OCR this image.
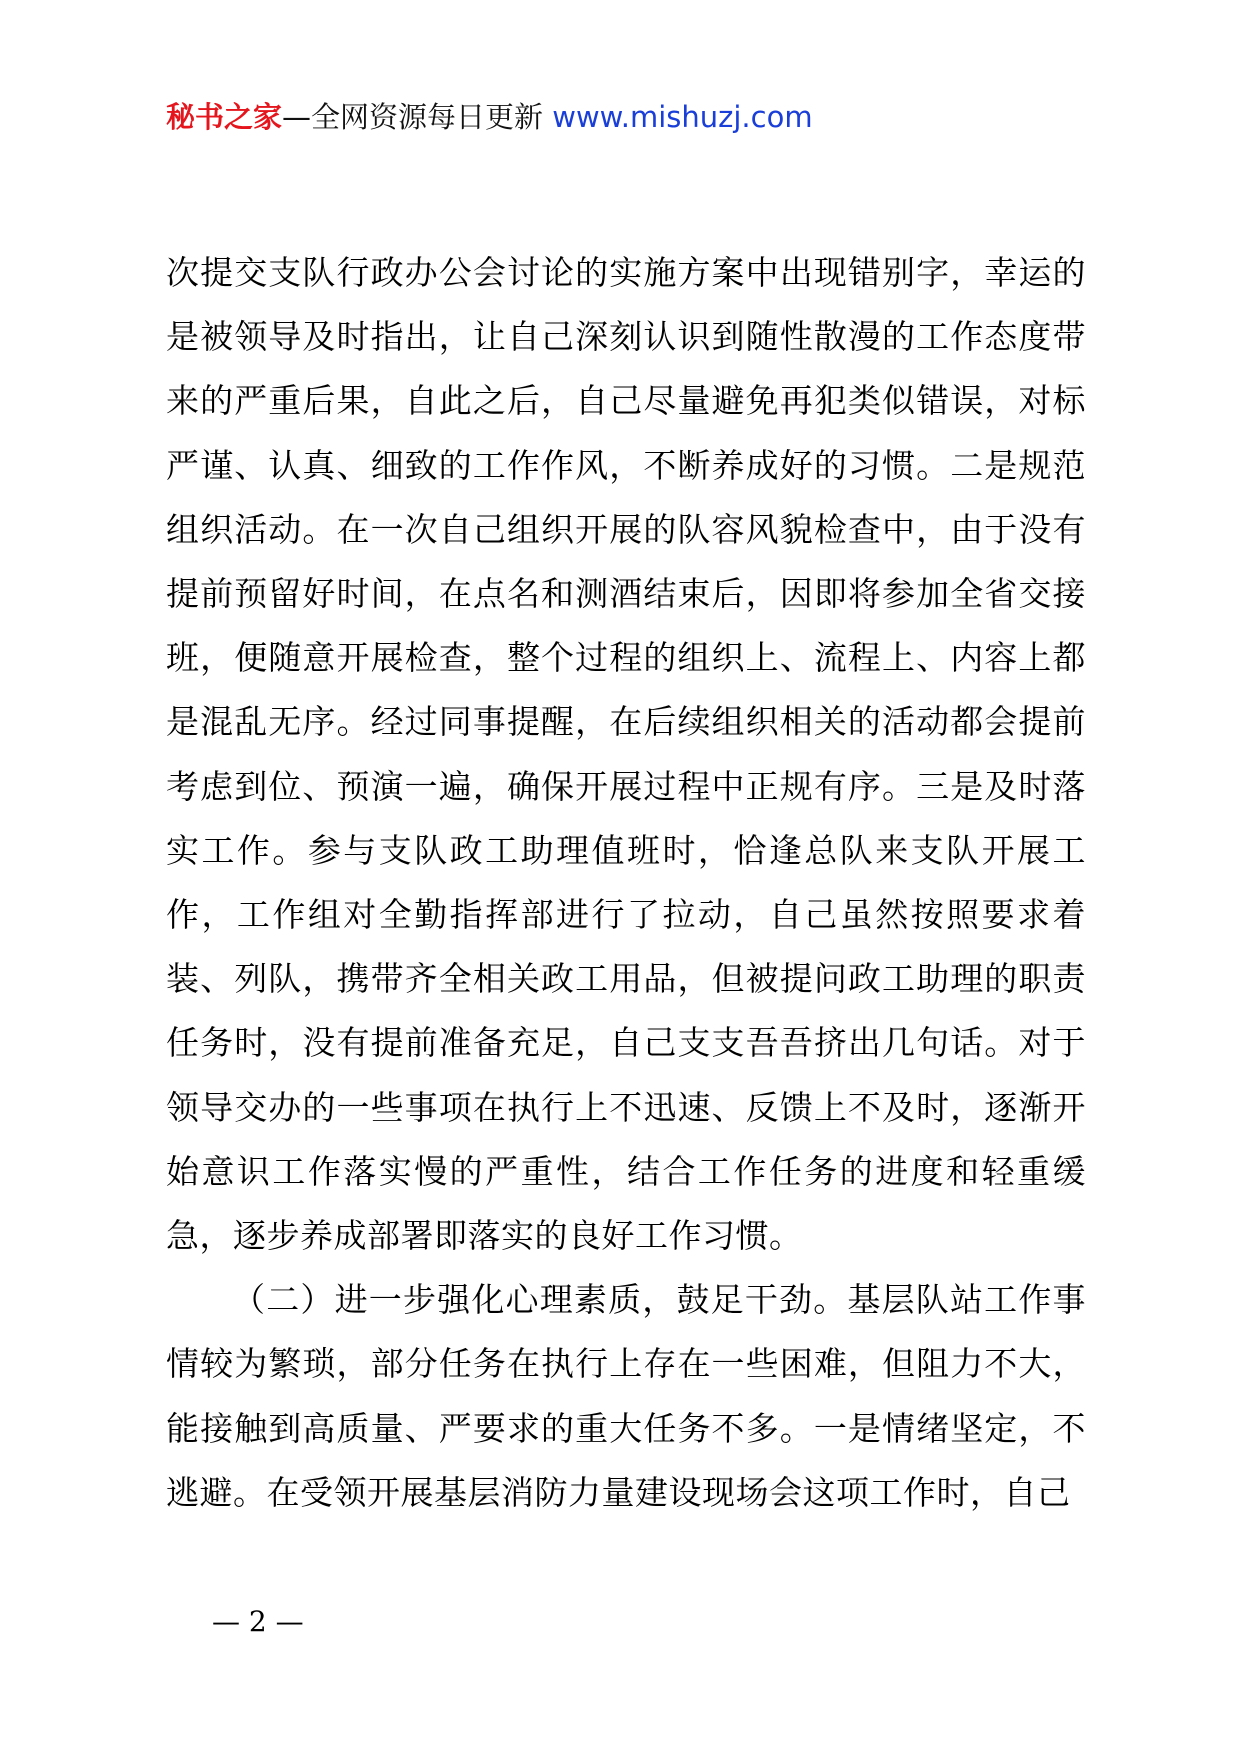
秘书之家—全网资源每日更新 www.mishuzj.com

次提交支队行政办公会讨论的实施方案中出现错别字，幸运的是被领导及时指出，让自己深刻认识到随性散漫的工作态度带来的严重后果，自此之后，自己尽量避免再犯类似错误，对标严谨、认真、细致的工作作风，不断养成好的习惯。二是规范组织活动。在一次自己组织开展的队容风貌检查中，由于没有提前预留好时间，在点名和测酒结束后，因即将参加全省交接班，便随意开展检查，整个过程的组织上、流程上、内容上都是混乱无序。经过同事提醒，在后续组织相关的活动都会提前考虑到位、预演一遍，确保开展过程中正规有序。三是及时落实工作。参与支队政工助理值班时，恰逢总队来支队开展工作，工作组对全勤指挥部进行了拉动，自己虽然按照要求着装、列队，携带齐全相关政工用品，但被提问政工助理的职责任务时，没有提前准备充足，自己支支吾吾挤出几句话。对于领导交办的一些事项在执行上不迅速、反馈上不及时，逐渐开始意识工作落实慢的严重性，结合工作任务的进度和轻重缓急，逐步养成部署即落实的良好工作习惯。

（二）进一步强化心理素质，鼓足干劲。基层队站工作事情较为繁琐，部分任务在执行上存在一些困难，但阻力不大，能接触到高质量、严要求的重大任务不多。一是情绪坚定，不逃避。在受领开展基层消防力量建设现场会这项工作时，自己

— 2 —
